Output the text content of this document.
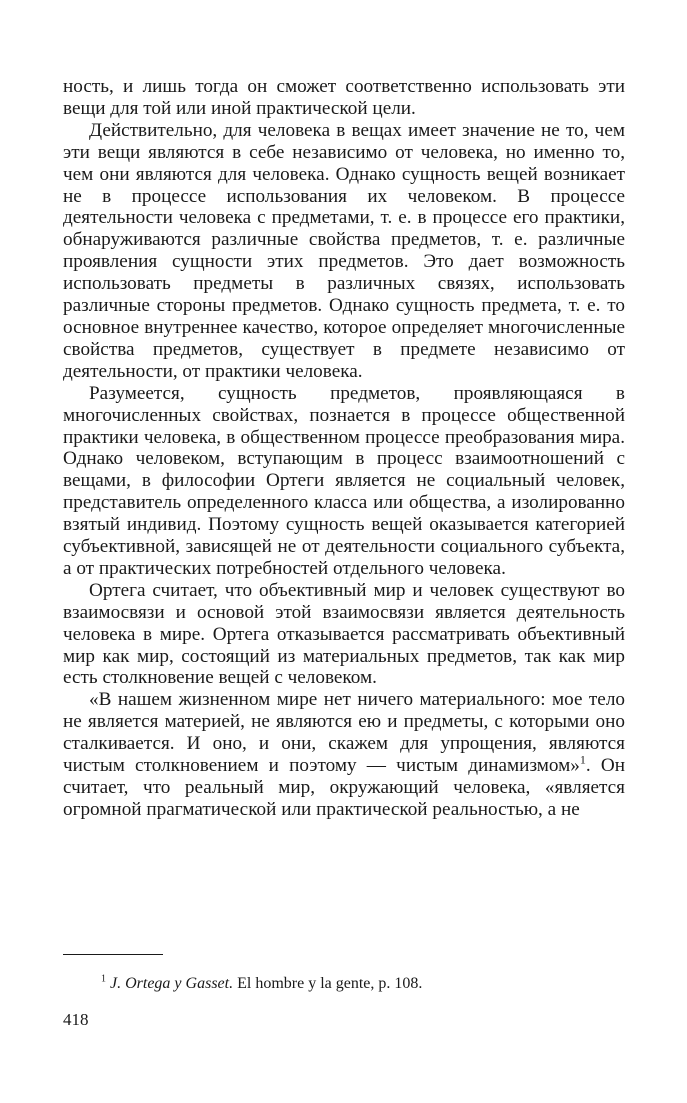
ность, и лишь тогда он сможет соответственно использовать эти вещи для той или иной практической цели.

Действительно, для человека в вещах имеет значение не то, чем эти вещи являются в себе независимо от человека, но именно то, чем они являются для человека. Однако сущность вещей возникает не в процессе использования их человеком. В процессе деятельности человека с предметами, т. е. в процессе его практики, обнаруживаются различные свойства предметов, т. е. различные проявления сущности этих предметов. Это дает возможность использовать предметы в различных связях, использовать различные стороны предметов. Однако сущность предмета, т. е. то основное внутреннее качество, которое определяет многочисленные свойства предметов, существует в предмете независимо от деятельности, от практики человека.

Разумеется, сущность предметов, проявляющаяся в многочисленных свойствах, познается в процессе общественной практики человека, в общественном процессе преобразования мира. Однако человеком, вступающим в процесс взаимоотношений с вещами, в философии Ортеги является не социальный человек, представитель определенного класса или общества, а изолированно взятый индивид. Поэтому сущность вещей оказывается категорией субъективной, зависящей не от деятельности социального субъекта, а от практических потребностей отдельного человека.

Ортега считает, что объективный мир и человек существуют во взаимосвязи и основой этой взаимосвязи является деятельность человека в мире. Ортега отказывается рассматривать объективный мир как мир, состоящий из материальных предметов, так как мир есть столкновение вещей с человеком.

«В нашем жизненном мире нет ничего материального: мое тело не является материей, не являются ею и предметы, с которыми оно сталкивается. И оно, и они, скажем для упрощения, являются чистым столкновением и поэтому — чистым динамизмом»$^1$. Он считает, что реальный мир, окружающий человека, «является огромной прагматической или практической реальностью, а не

$^1$ J. Ortega y Gasset. El hombre y la gente, p. 108.
418
